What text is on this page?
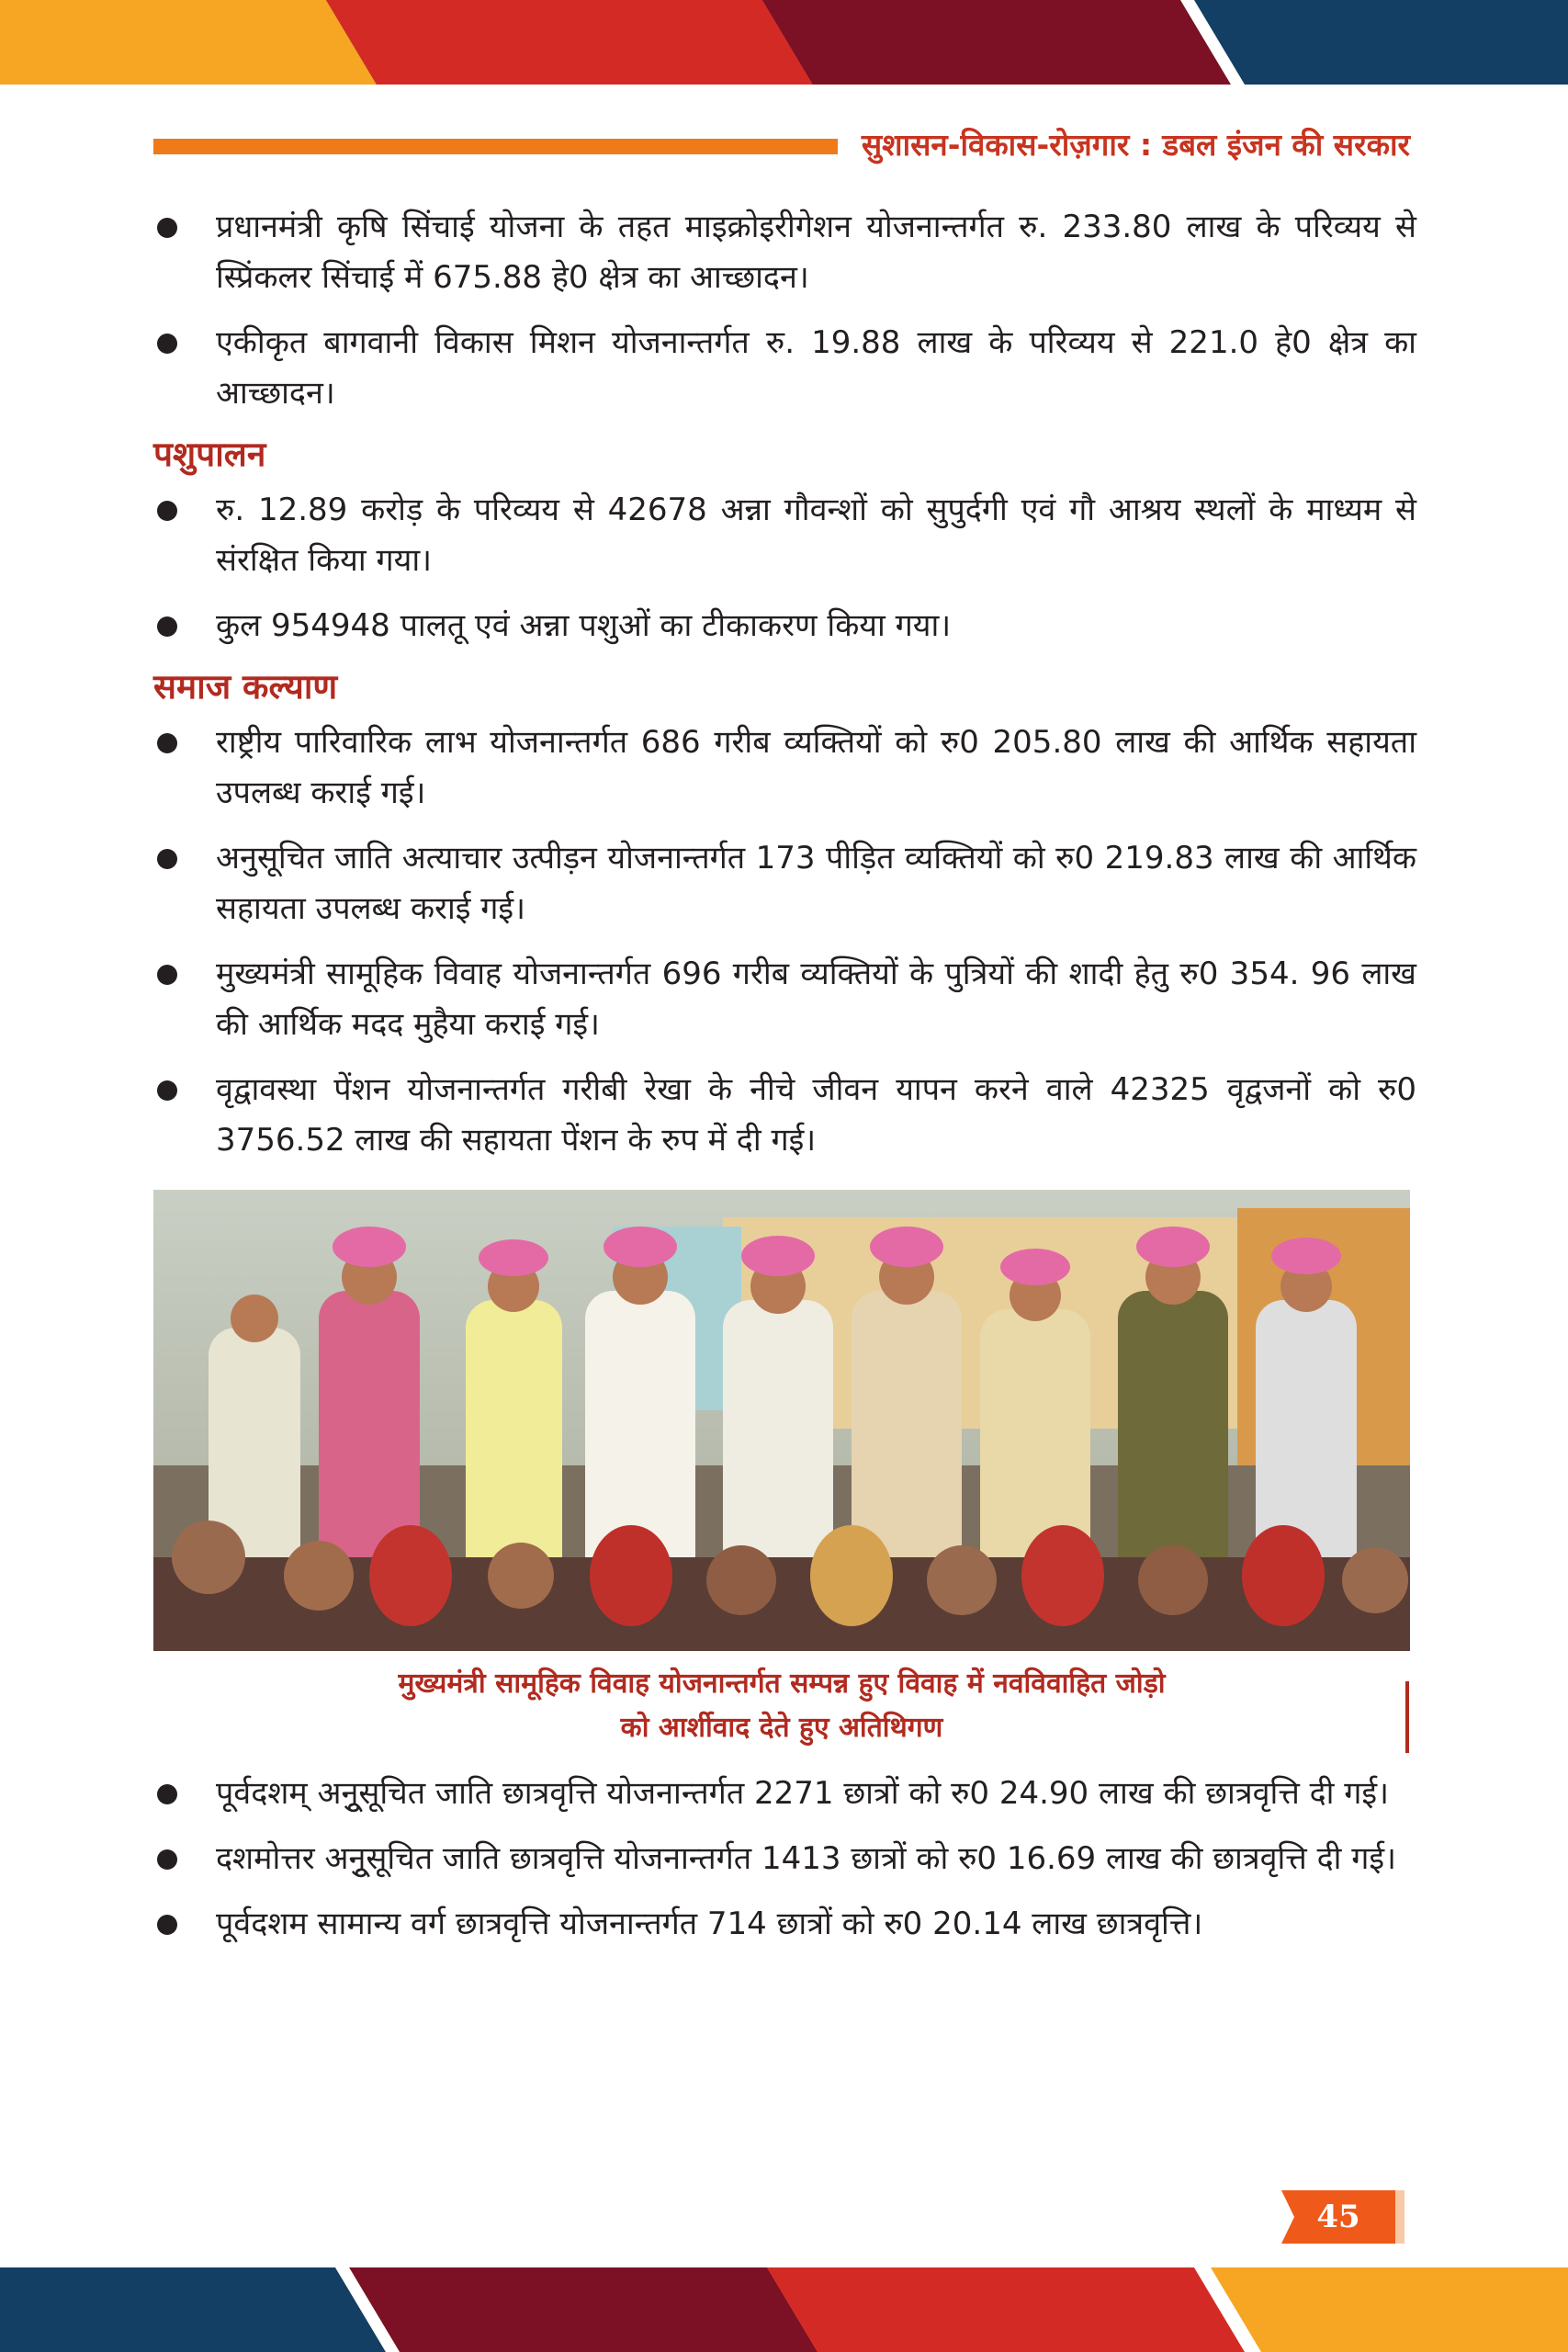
सुशासन-विकास-रोज़गार : डबल इंजन की सरकार
प्रधानमंत्री कृषि सिंचाई योजना के तहत माइक्रोइरीगेशन योजनान्तर्गत रु. 233.80 लाख के परिव्यय से स्प्रिंकलर सिंचाई में 675.88 हे0 क्षेत्र का आच्छादन।
एकीकृत बागवानी विकास मिशन योजनान्तर्गत रु. 19.88 लाख के परिव्यय से 221.0 हे0 क्षेत्र का आच्छादन।
पशुपालन
रु. 12.89 करोड़ के परिव्यय से 42678 अन्ना गौवन्शों को सुपुर्दगी एवं गौ आश्रय स्थलों के माध्यम से संरक्षित किया गया।
कुल 954948 पालतू एवं अन्ना पशुओं का टीकाकरण किया गया।
समाज कल्याण
राष्ट्रीय पारिवारिक लाभ योजनान्तर्गत 686 गरीब व्यक्तियों को रु0 205.80 लाख की आर्थिक सहायता उपलब्ध कराई गई।
अनुसूचित जाति अत्याचार उत्पीड़न योजनान्तर्गत 173 पीड़ित व्यक्तियों को रु0 219.83 लाख की आर्थिक सहायता उपलब्ध कराई गई।
मुख्यमंत्री सामूहिक विवाह योजनान्तर्गत 696 गरीब व्यक्तियों के पुत्रियों की शादी हेतु रु0 354. 96 लाख की आर्थिक मदद मुहैया कराई गई।
वृद्वावस्था पेंशन योजनान्तर्गत गरीबी रेखा के नीचे जीवन यापन करने वाले 42325 वृद्वजनों को रु0 3756.52 लाख की सहायता पेंशन के रुप में दी गई।
मुख्यमंत्री सामूहिक विवाह योजनान्तर्गत सम्पन्न हुए विवाह में नवविवाहित जोड़ो
को आर्शीवाद देते हुए अतिथिगण
पूर्वदशम् अनूुसूचित जाति छात्रवृत्ति योजनान्तर्गत 2271 छात्रों को रु0 24.90 लाख की छात्रवृत्ति दी गई।
दशमोत्तर अनूुसूचित जाति छात्रवृत्ति योजनान्तर्गत 1413 छात्रों को रु0 16.69 लाख की छात्रवृत्ति दी गई।
पूर्वदशम सामान्य वर्ग छात्रवृत्ति योजनान्तर्गत 714 छात्रों को रु0 20.14 लाख छात्रवृत्ति।
45
